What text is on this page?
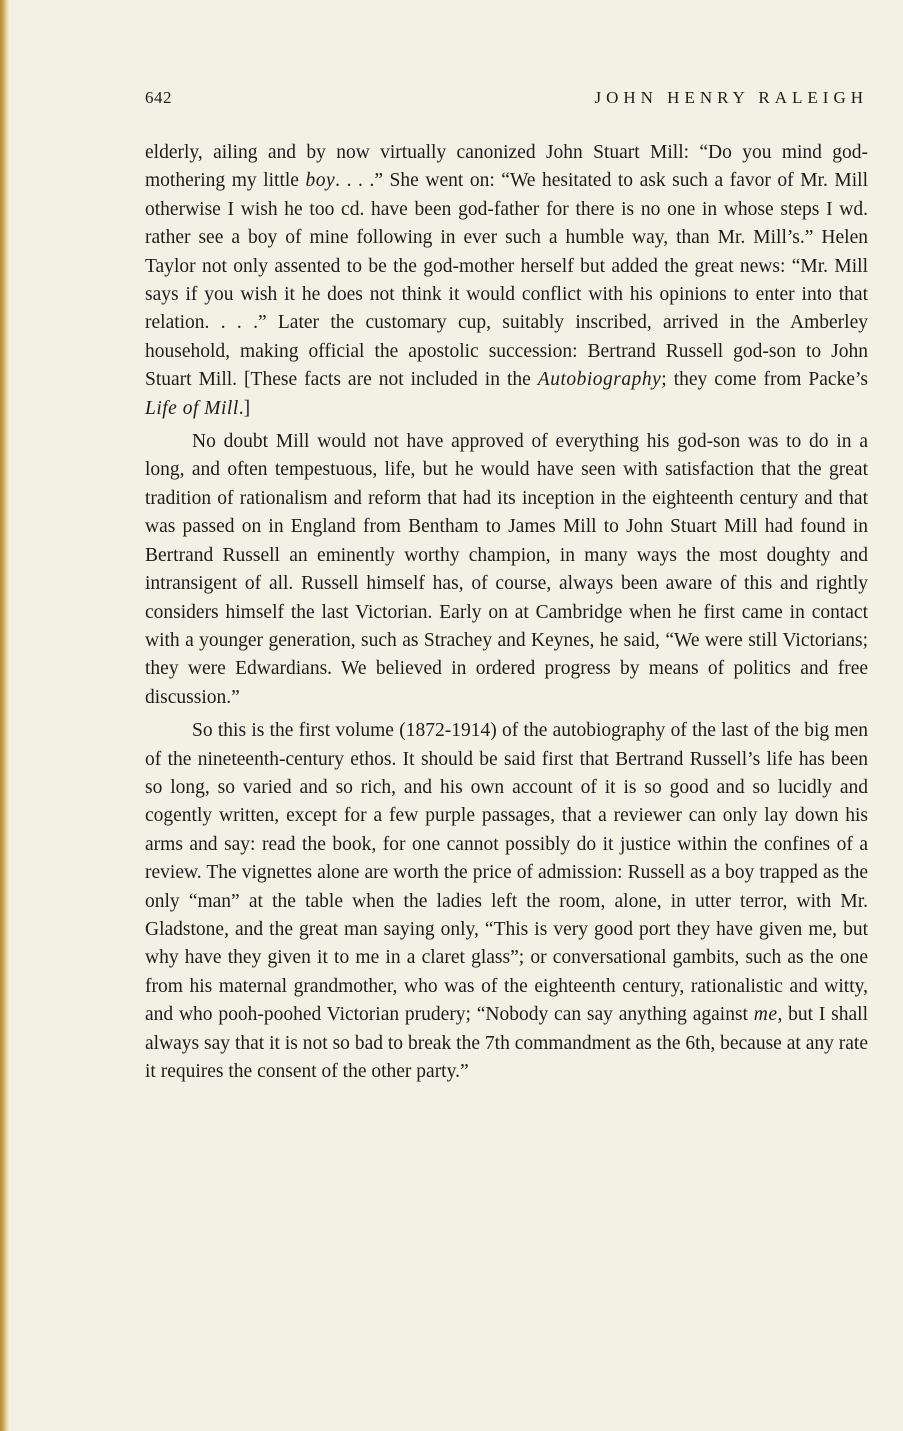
642	JOHN HENRY RALEIGH

elderly, ailing and by now virtually canonized John Stuart Mill: “Do you mind god-mothering my little boy. . . .” She went on: “We hesitated to ask such a favor of Mr. Mill otherwise I wish he too cd. have been god-father for there is no one in whose steps I wd. rather see a boy of mine following in ever such a humble way, than Mr. Mill’s.” Helen Taylor not only assented to be the god-mother herself but added the great news: “Mr. Mill says if you wish it he does not think it would conflict with his opinions to enter into that relation. . . .” Later the customary cup, suitably inscribed, arrived in the Amberley household, making official the apostolic succession: Bertrand Russell god-son to John Stuart Mill. [These facts are not included in the Autobiography; they come from Packe’s Life of Mill.]

No doubt Mill would not have approved of everything his god-son was to do in a long, and often tempestuous, life, but he would have seen with satisfaction that the great tradition of rationalism and reform that had its inception in the eighteenth century and that was passed on in England from Bentham to James Mill to John Stuart Mill had found in Bertrand Russell an eminently worthy champion, in many ways the most doughty and intransigent of all. Russell himself has, of course, always been aware of this and rightly considers himself the last Victorian. Early on at Cambridge when he first came in contact with a younger generation, such as Strachey and Keynes, he said, “We were still Victorians; they were Edwardians. We believed in ordered progress by means of politics and free discussion.”

So this is the first volume (1872-1914) of the autobiography of the last of the big men of the nineteenth-century ethos. It should be said first that Bertrand Russell’s life has been so long, so varied and so rich, and his own account of it is so good and so lucidly and cogently written, except for a few purple passages, that a reviewer can only lay down his arms and say: read the book, for one cannot possibly do it justice within the confines of a review. The vignettes alone are worth the price of admission: Russell as a boy trapped as the only “man” at the table when the ladies left the room, alone, in utter terror, with Mr. Gladstone, and the great man saying only, “This is very good port they have given me, but why have they given it to me in a claret glass”; or conversational gambits, such as the one from his maternal grandmother, who was of the eighteenth century, rationalistic and witty, and who pooh-poohed Victorian prudery; “Nobody can say anything against me, but I shall always say that it is not so bad to break the 7th commandment as the 6th, because at any rate it requires the consent of the other party.”
